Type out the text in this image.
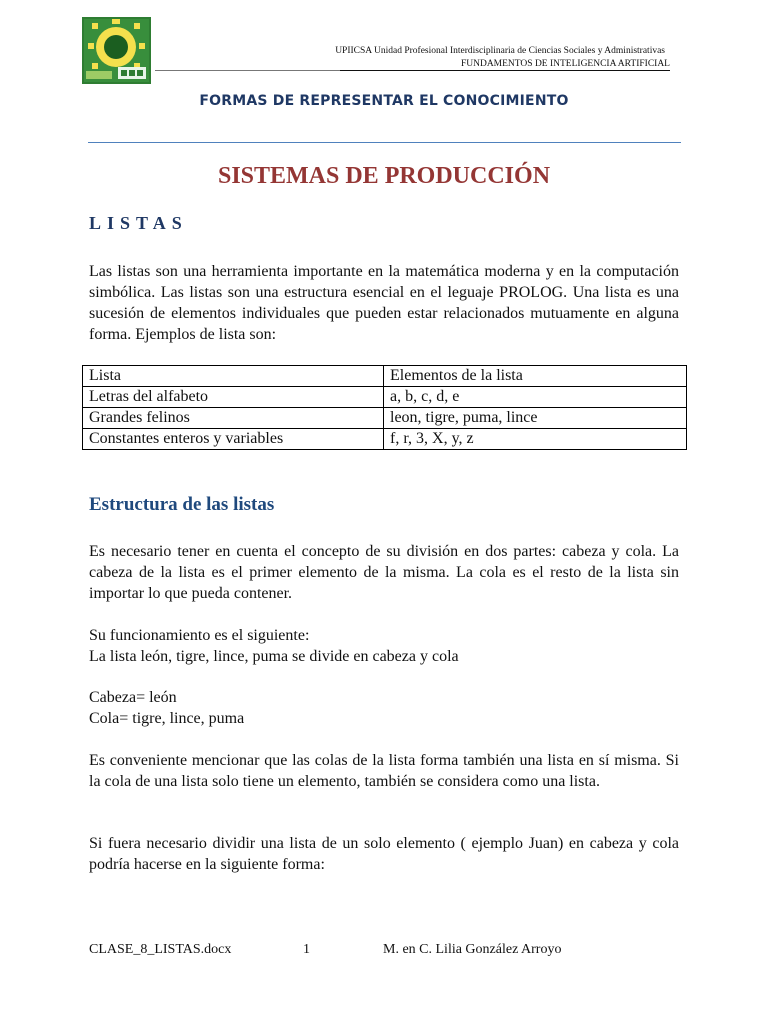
UPIICSA Unidad Profesional Interdisciplinaria de Ciencias Sociales y Administrativas
FUNDAMENTOS DE INTELIGENCIA ARTIFICIAL
FORMAS DE REPRESENTAR EL CONOCIMIENTO
SISTEMAS DE PRODUCCIÓN
LISTAS

Las listas son una herramienta importante en la matemática moderna y en la computación simbólica. Las listas son una estructura esencial en el leguaje PROLOG. Una lista es una sucesión de elementos individuales que pueden estar relacionados mutuamente en alguna forma. Ejemplos de lista son:

Lista	Elementos de la lista
Letras del alfabeto	a, b, c, d, e
Grandes felinos	leon, tigre, puma, lince
Constantes enteros y variables	f, r, 3, X, y, z
Estructura de las listas

Es necesario tener en cuenta el concepto de su división en dos partes: cabeza y cola. La cabeza de la lista es el primer elemento de la misma. La cola es el resto de la lista sin importar lo que pueda contener.

Su funcionamiento es el siguiente:

La lista león, tigre, lince, puma se divide en cabeza y cola

Cabeza= león

Cola= tigre, lince, puma

Es conveniente mencionar que las colas de la lista forma también una lista en sí misma. Si la cola de una lista solo tiene un elemento, también se considera como una lista.

Si fuera necesario dividir una lista de un solo elemento ( ejemplo Juan) en cabeza y cola podría hacerse en la siguiente forma:

CLASE_8_LISTAS.docx	1	M. en C. Lilia González Arroyo
